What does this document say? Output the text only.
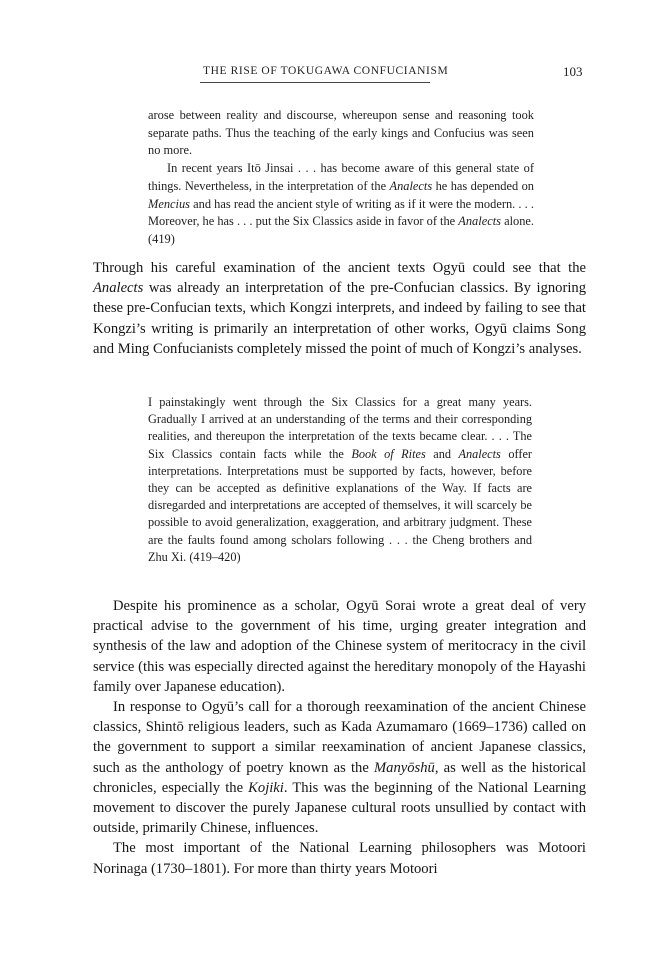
THE RISE OF TOKUGAWA CONFUCIANISM	103

arose between reality and discourse, whereupon sense and reasoning took separate paths. Thus the teaching of the early kings and Confucius was seen no more.

In recent years Itō Jinsai . . . has become aware of this general state of things. Nevertheless, in the interpretation of the Analects he has depended on Mencius and has read the ancient style of writing as if it were the modern. . . . Moreover, he has . . . put the Six Classics aside in favor of the Analects alone. (419)

Through his careful examination of the ancient texts Ogyū could see that the Analects was already an interpretation of the pre-Confucian classics. By ignoring these pre-Confucian texts, which Kongzi interprets, and indeed by failing to see that Kongzi’s writing is primarily an interpretation of other works, Ogyū claims Song and Ming Confucianists completely missed the point of much of Kongzi’s analyses.

I painstakingly went through the Six Classics for a great many years. Gradually I arrived at an understanding of the terms and their corresponding realities, and thereupon the interpretation of the texts became clear. . . . The Six Classics contain facts while the Book of Rites and Analects offer interpretations. Interpretations must be supported by facts, however, before they can be accepted as definitive explanations of the Way. If facts are disregarded and interpretations are accepted of themselves, it will scarcely be possible to avoid generalization, exaggeration, and arbitrary judgment. These are the faults found among scholars following . . . the Cheng brothers and Zhu Xi. (419–420)

Despite his prominence as a scholar, Ogyū Sorai wrote a great deal of very practical advise to the government of his time, urging greater integration and synthesis of the law and adoption of the Chinese system of meritocracy in the civil service (this was especially directed against the hereditary monopoly of the Hayashi family over Japanese education).

In response to Ogyū’s call for a thorough reexamination of the ancient Chinese classics, Shintō religious leaders, such as Kada Azumamaro (1669–1736) called on the government to support a similar reexamination of ancient Japanese classics, such as the anthology of poetry known as the Manyōshū, as well as the historical chronicles, especially the Kojiki. This was the beginning of the National Learning movement to discover the purely Japanese cultural roots unsullied by contact with outside, primarily Chinese, influences.

The most important of the National Learning philosophers was Motoori Norinaga (1730–1801). For more than thirty years Motoori
